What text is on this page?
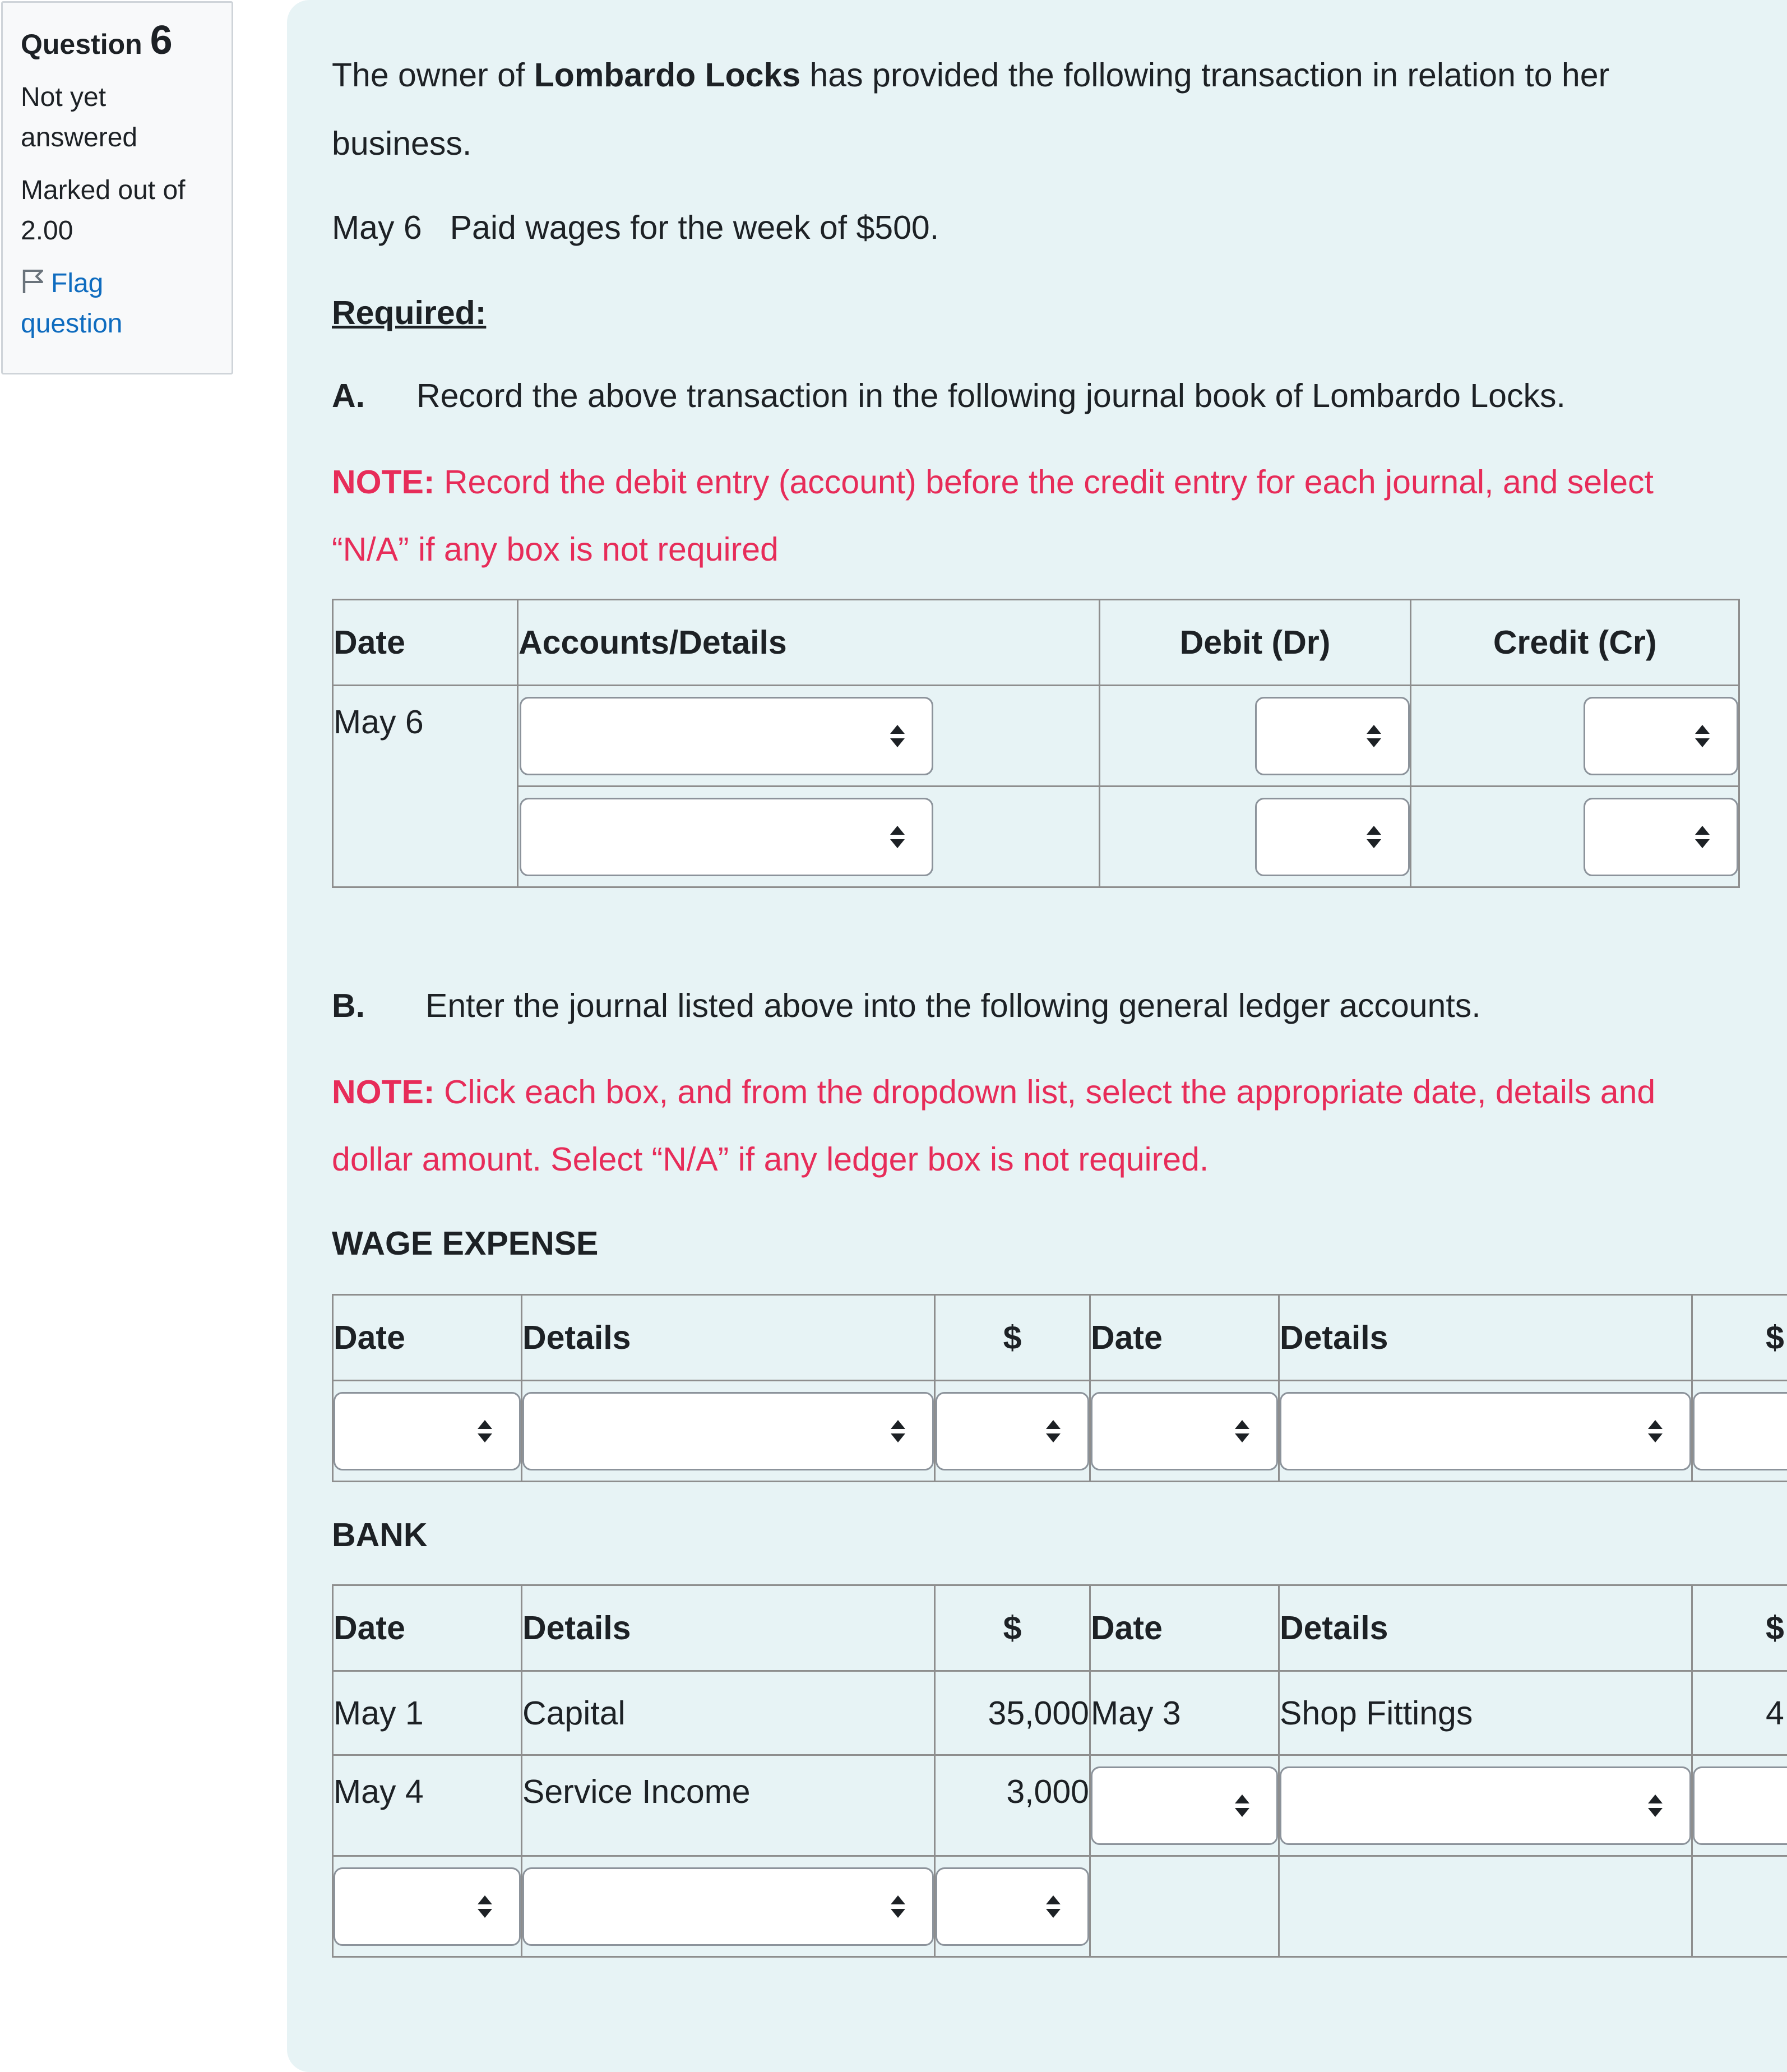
Question 6
Not yet
answered
Marked out of
2.00
Flag
question
The owner of Lombardo Locks has provided the following transaction in relation to her
business.
May 6 Paid wages for the week of $500.
Required:
A. Record the above transaction in the following journal book of Lombardo Locks.
NOTE: Record the debit entry (account) before the credit entry for each journal, and select
“N/A” if any box is not required
Date	Accounts/Details	Debit (Dr)	Credit (Cr)
May 6	

B. Enter the journal listed above into the following general ledger accounts.
NOTE: Click each box, and from the dropdown list, select the appropriate date, details and
dollar amount. Select “N/A” if any ledger box is not required.
WAGE EXPENSE
Date	Details	$	Date	Details	$

BANK
Date	Details	$	Date	Details	$
May 1	Capital	35,000	May 3	Shop Fittings	4
May 4	Service Income	3,000	
